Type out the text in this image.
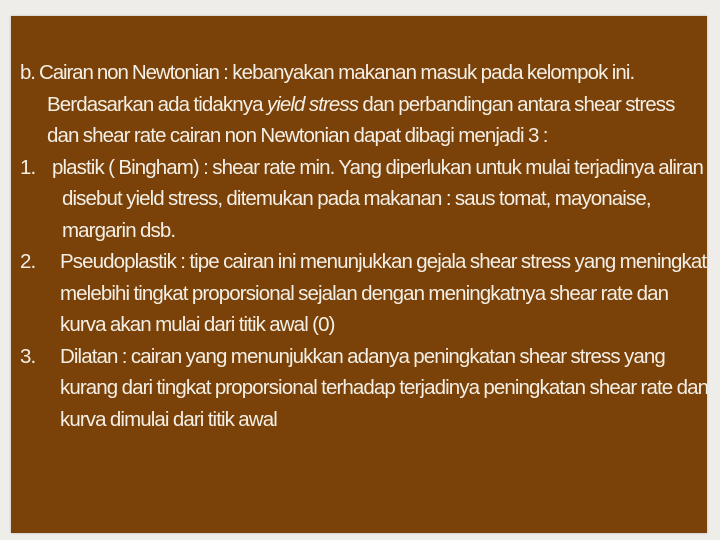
b. Cairan non Newtonian : kebanyakan makanan masuk pada kelompok ini. Berdasarkan ada tidaknya yield stress dan perbandingan antara shear stress dan shear rate cairan non Newtonian dapat dibagi menjadi 3 :

1. plastik ( Bingham) : shear rate min. Yang diperlukan untuk mulai terjadinya aliran disebut yield stress, ditemukan pada makanan : saus tomat, mayonaise, margarin dsb.
2. Pseudoplastik : tipe cairan ini menunjukkan gejala shear stress yang meningkat melebihi tingkat proporsional sejalan dengan meningkatnya shear rate dan kurva akan mulai dari titik awal (0)
3. Dilatan : cairan yang menunjukkan adanya peningkatan shear stress yang kurang dari tingkat proporsional terhadap terjadinya peningkatan shear rate dan kurva dimulai dari titik awal
